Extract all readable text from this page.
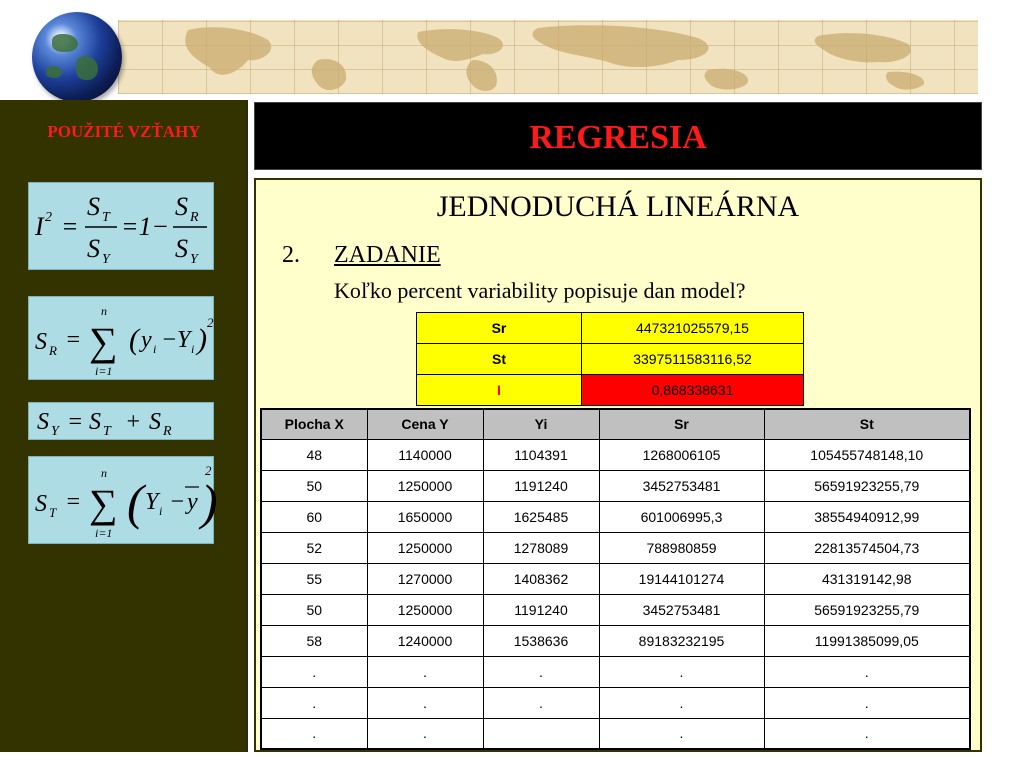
POUŽITÉ VZŤAHY
I 2 =
S T
S Y
=1−
S R
S Y
S R = ∑
n
i=1
( y i − Y i )
2
S Y = S T + S R
S T = ∑
n
i=1
( Y i − y )
2
REGRESIA
JEDNODUCHÁ LINEÁRNA
2. ZADANIE
Koľko percent variability popisuje dan model?
Sr	447321025579,15
St	3397511583116,52
I	0,868338631
Plocha X	Cena Y	Yi	Sr	St
48	1140000	1104391	1268006105	105455748148,10
50	1250000	1191240	3452753481	56591923255,79
60	1650000	1625485	601006995,3	38554940912,99
52	1250000	1278089	788980859	22813574504,73
55	1270000	1408362	19144101274	431319142,98
50	1250000	1191240	3452753481	56591923255,79
58	1240000	1538636	89183232195	11991385099,05
.	.	.	.	.
.	.	.	.	.
.	.		.	.
